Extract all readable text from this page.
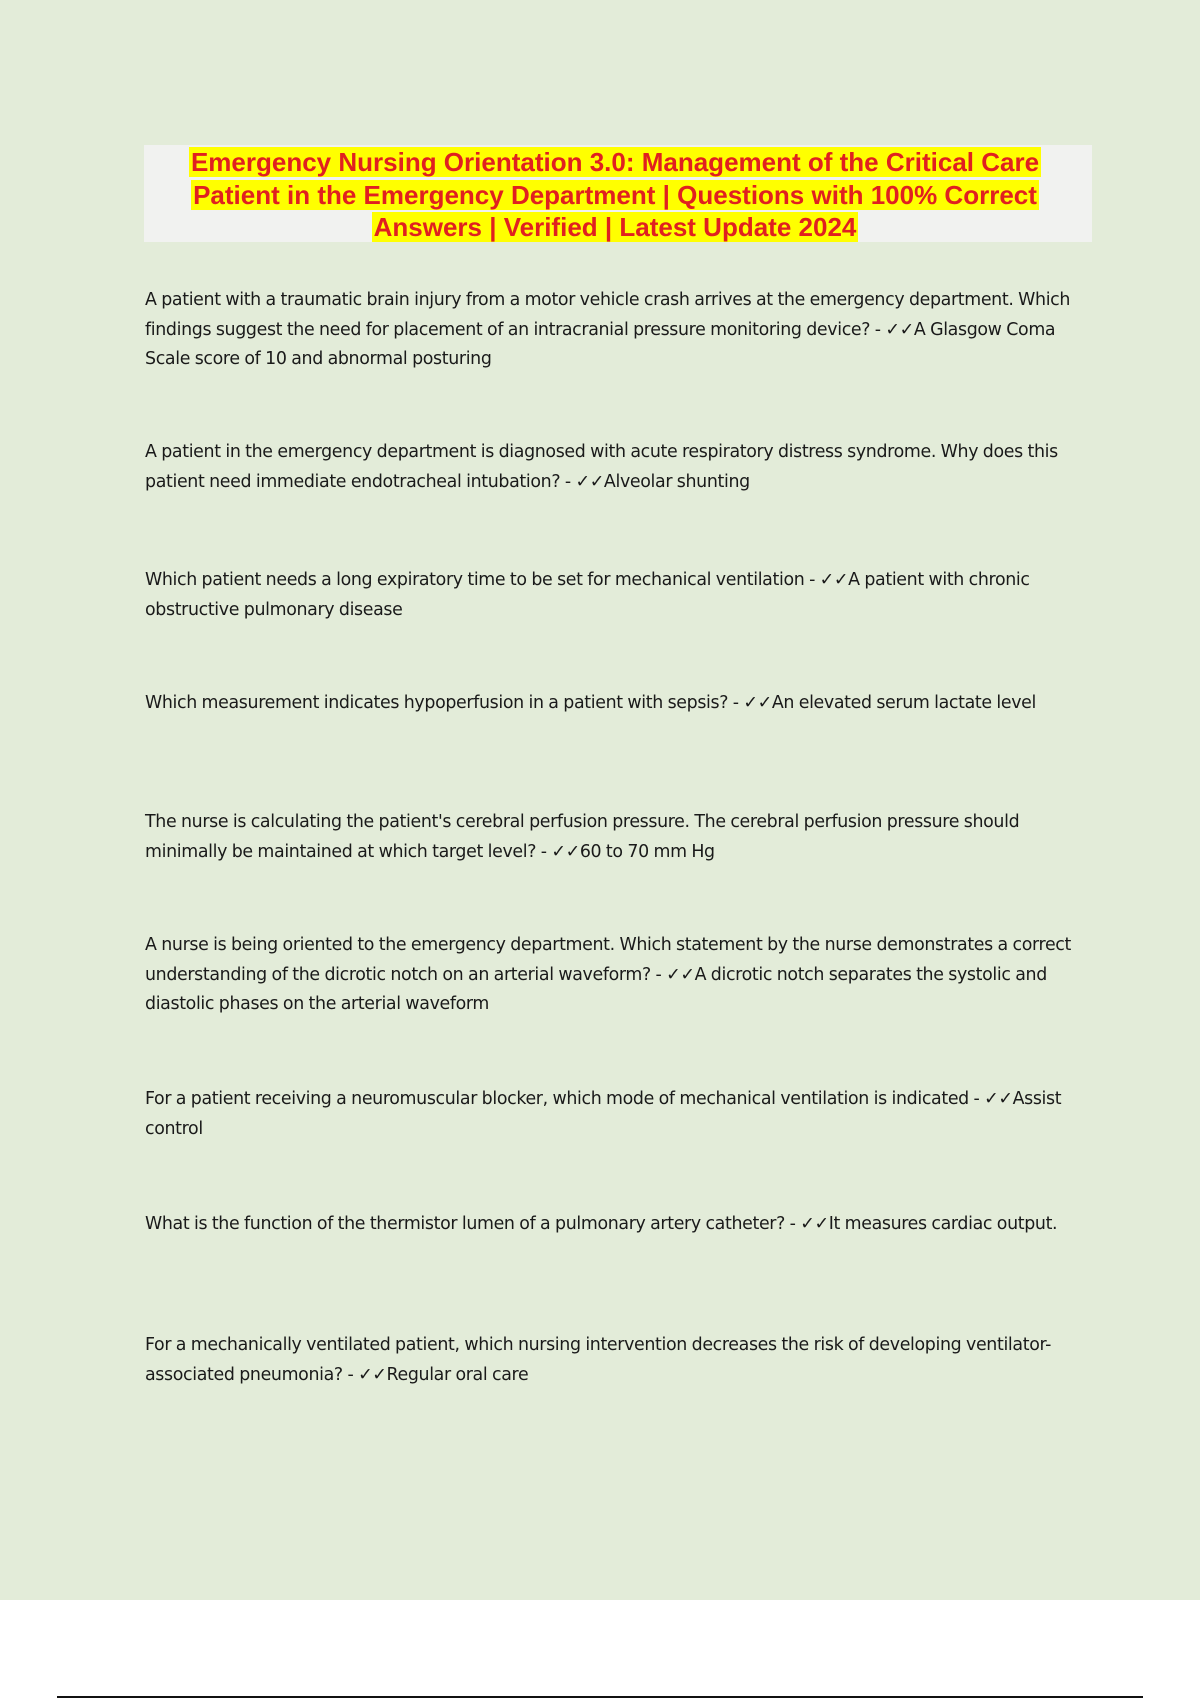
Emergency Nursing Orientation 3.0: Management of the Critical Care
Patient in the Emergency Department | Questions with 100% Correct
Answers | Verified | Latest Update 2024
A patient with a traumatic brain injury from a motor vehicle crash arrives at the emergency department. Which findings suggest the need for placement of an intracranial pressure monitoring device? - ✓✓A Glasgow Coma Scale score of 10 and abnormal posturing
A patient in the emergency department is diagnosed with acute respiratory distress syndrome. Why does this patient need immediate endotracheal intubation? - ✓✓Alveolar shunting
Which patient needs a long expiratory time to be set for mechanical ventilation - ✓✓A patient with chronic obstructive pulmonary disease
Which measurement indicates hypoperfusion in a patient with sepsis? - ✓✓An elevated serum lactate level
The nurse is calculating the patient's cerebral perfusion pressure. The cerebral perfusion pressure should minimally be maintained at which target level? - ✓✓60 to 70 mm Hg
A nurse is being oriented to the emergency department. Which statement by the nurse demonstrates a correct understanding of the dicrotic notch on an arterial waveform? - ✓✓A dicrotic notch separates the systolic and diastolic phases on the arterial waveform
For a patient receiving a neuromuscular blocker, which mode of mechanical ventilation is indicated - ✓✓Assist control
What is the function of the thermistor lumen of a pulmonary artery catheter? - ✓✓It measures cardiac output.
For a mechanically ventilated patient, which nursing intervention decreases the risk of developing ventilator-associated pneumonia? - ✓✓Regular oral care
